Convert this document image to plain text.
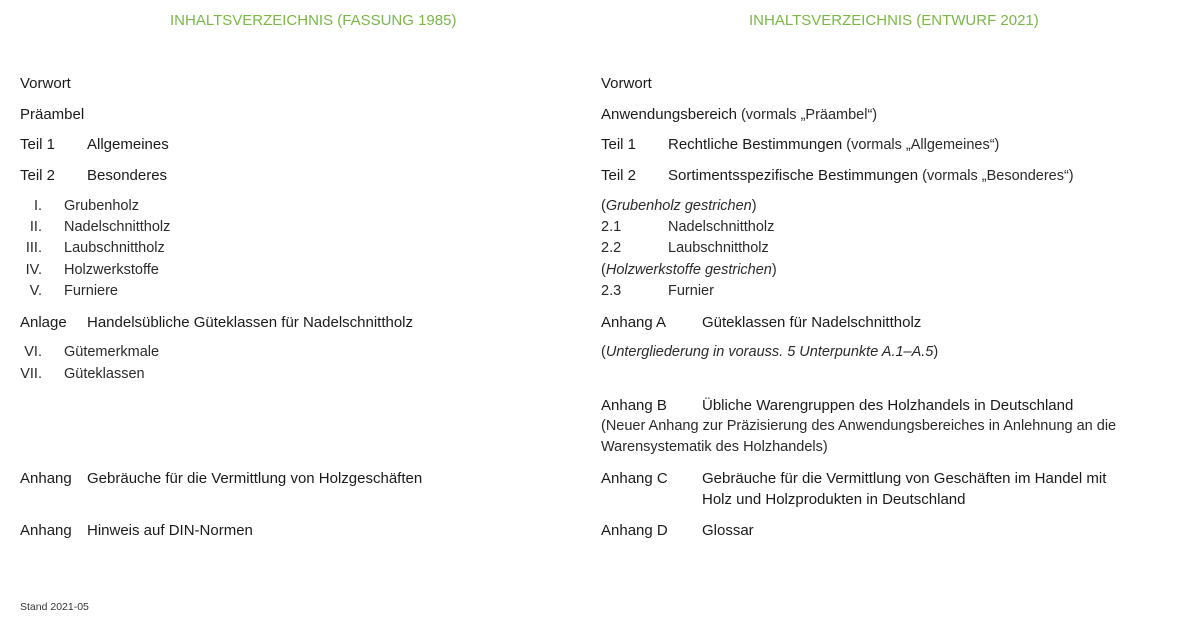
INHALTSVERZEICHNIS (FASSUNG 1985)
Vorwort
Präambel
Teil 1 Allgemeines
Teil 2 Besonderes
I. Grubenholz
II. Nadelschnittholz
III. Laubschnittholz
IV. Holzwerkstoffe
V. Furniere
Anlage Handelsübliche Güteklassen für Nadelschnittholz
VI. Gütemerkmale
VII. Güteklassen
Anhang Gebräuche für die Vermittlung von Holzgeschäften
Anhang Hinweis auf DIN-Normen
INHALTSVERZEICHNIS (ENTWURF 2021)
Vorwort
Anwendungsbereich (vormals „Präambel“)
Teil 1 Rechtliche Bestimmungen (vormals „Allgemeines“)
Teil 2 Sortimentsspezifische Bestimmungen (vormals „Besonderes“)
(Grubenholz gestrichen)
2.1	Nadelschnittholz
2.2	Laubschnittholz
(Holzwerkstoffe gestrichen)
2.3	Furnier
Anhang A Güteklassen für Nadelschnittholz
(Untergliederung in vorauss. 5 Unterpunkte A.1–A.5)
Anhang B Übliche Warengruppen des Holzhandels in Deutschland
(Neuer Anhang zur Präzisierung des Anwendungsbereiches in Anlehnung an die
Warensystematik des Holzhandels)
Anhang C Gebräuche für die Vermittlung von Geschäften im Handel mit
Holz und Holzprodukten in Deutschland
Anhang D Glossar
Stand 2021-05
